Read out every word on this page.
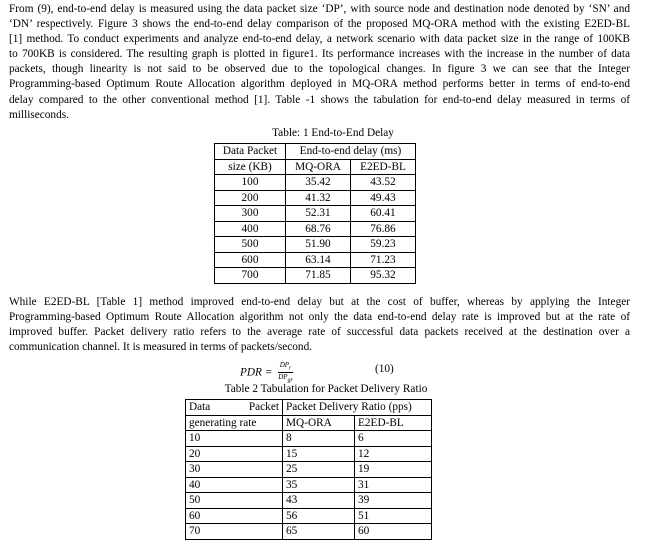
From (9), end-to-end delay is measured using the data packet size ‘DP’, with source node and destination node denoted by ‘SN’ and
‘DN’ respectively. Figure 3 shows the end-to-end delay comparison of the proposed MQ-ORA method with the existing E2ED-BL
[1] method. To conduct experiments and analyze end-to-end delay, a network scenario with data packet size in the range of 100KB
to 700KB is considered. The resulting graph is plotted in figure1. Its performance increases with the increase in the number of data
packets, though linearity is not said to be observed due to the topological changes. In figure 3 we can see that the Integer
Programming-based Optimum Route Allocation algorithm deployed in MQ-ORA method performs better in terms of end-to-end
delay compared to the other conventional method [1]. Table -1 shows the tabulation for end-to-end delay measured in terms of
milliseconds.
Table: 1 End-to-End Delay
Data Packet	End-to-end delay (ms)	
size (KB)	MQ-ORA	E2ED-BL
100	35.42	43.52
200	41.32	49.43
300	52.31	60.41
400	68.76	76.86
500	51.90	59.23
600	63.14	71.23
700	71.85	95.32
While E2ED-BL [Table 1] method improved end-to-end delay but at the cost of buffer, whereas by applying the Integer
Programming-based Optimum Route Allocation algorithm not only the data end-to-end delay rate is improved but at the rate of
improved buffer. Packet delivery ratio refers to the average rate of successful data packets received at the destination over a
communication channel. It is measured in terms of packets/second.
PDR = $\frac{DP_r}{DP_{gr}}$	(10)
Table 2 Tabulation for Packet Delivery Ratio
Data Packet	Packet Delivery Ratio (pps)	
generating rate	MQ-ORA	E2ED-BL
10	8	6
20	15	12
30	25	19
40	35	31
50	43	39
60	56	51
70	65	60
